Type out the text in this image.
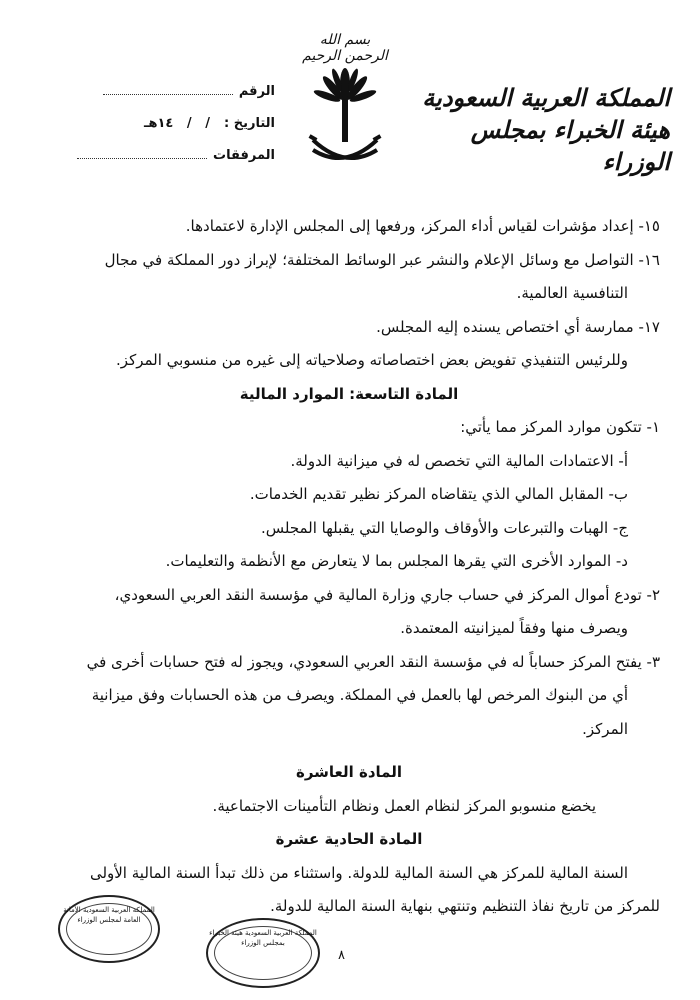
بسم الله الرحمن الرحيم
المملكة العربية السعودية
هيئة الخبراء بمجلس الوزراء
الرقم
التاريخ :
/   /   ١٤هـ
المرفقات

١٥- إعداد مؤشرات لقياس أداء المركز، ورفعها إلى المجلس الإدارة لاعتمادها.

١٦- التواصل مع وسائل الإعلام والنشر عبر الوسائط المختلفة؛ لإبراز دور المملكة في مجال

التنافسية العالمية.

١٧- ممارسة أي اختصاص يسنده إليه المجلس.

وللرئيس التنفيذي تفويض بعض اختصاصاته وصلاحياته إلى غيره من منسوبي المركز.

المادة التاسعة: الموارد المالية

١- تتكون موارد المركز مما يأتي:

أ- الاعتمادات المالية التي تخصص له في ميزانية الدولة.

ب- المقابل المالي الذي يتقاضاه المركز نظير تقديم الخدمات.

ج- الهبات والتبرعات والأوقاف والوصايا التي يقبلها المجلس.

د- الموارد الأخرى التي يقرها المجلس بما لا يتعارض مع الأنظمة والتعليمات.

٢- تودع أموال المركز في حساب جاري وزارة المالية في مؤسسة النقد العربي السعودي،

ويصرف منها وفقاً لميزانيته المعتمدة.

٣- يفتح المركز حساباً له في مؤسسة النقد العربي السعودي، ويجوز له فتح حسابات أخرى في

أي من البنوك المرخص لها بالعمل في المملكة. ويصرف من هذه الحسابات وفق ميزانية

المركز.

المادة العاشرة

يخضع منسوبو المركز لنظام العمل ونظام التأمينات الاجتماعية.

المادة الحادية عشرة

السنة المالية للمركز هي السنة المالية للدولة. واستثناء من ذلك تبدأ السنة المالية الأولى

للمركز من تاريخ نفاذ التنظيم وتنتهي بنهاية السنة المالية للدولة.

المملكة العربية السعودية الأمانة العامة لمجلس الوزراء
المملكة العربية السعودية هيئة الخبراء بمجلس الوزراء
٨
